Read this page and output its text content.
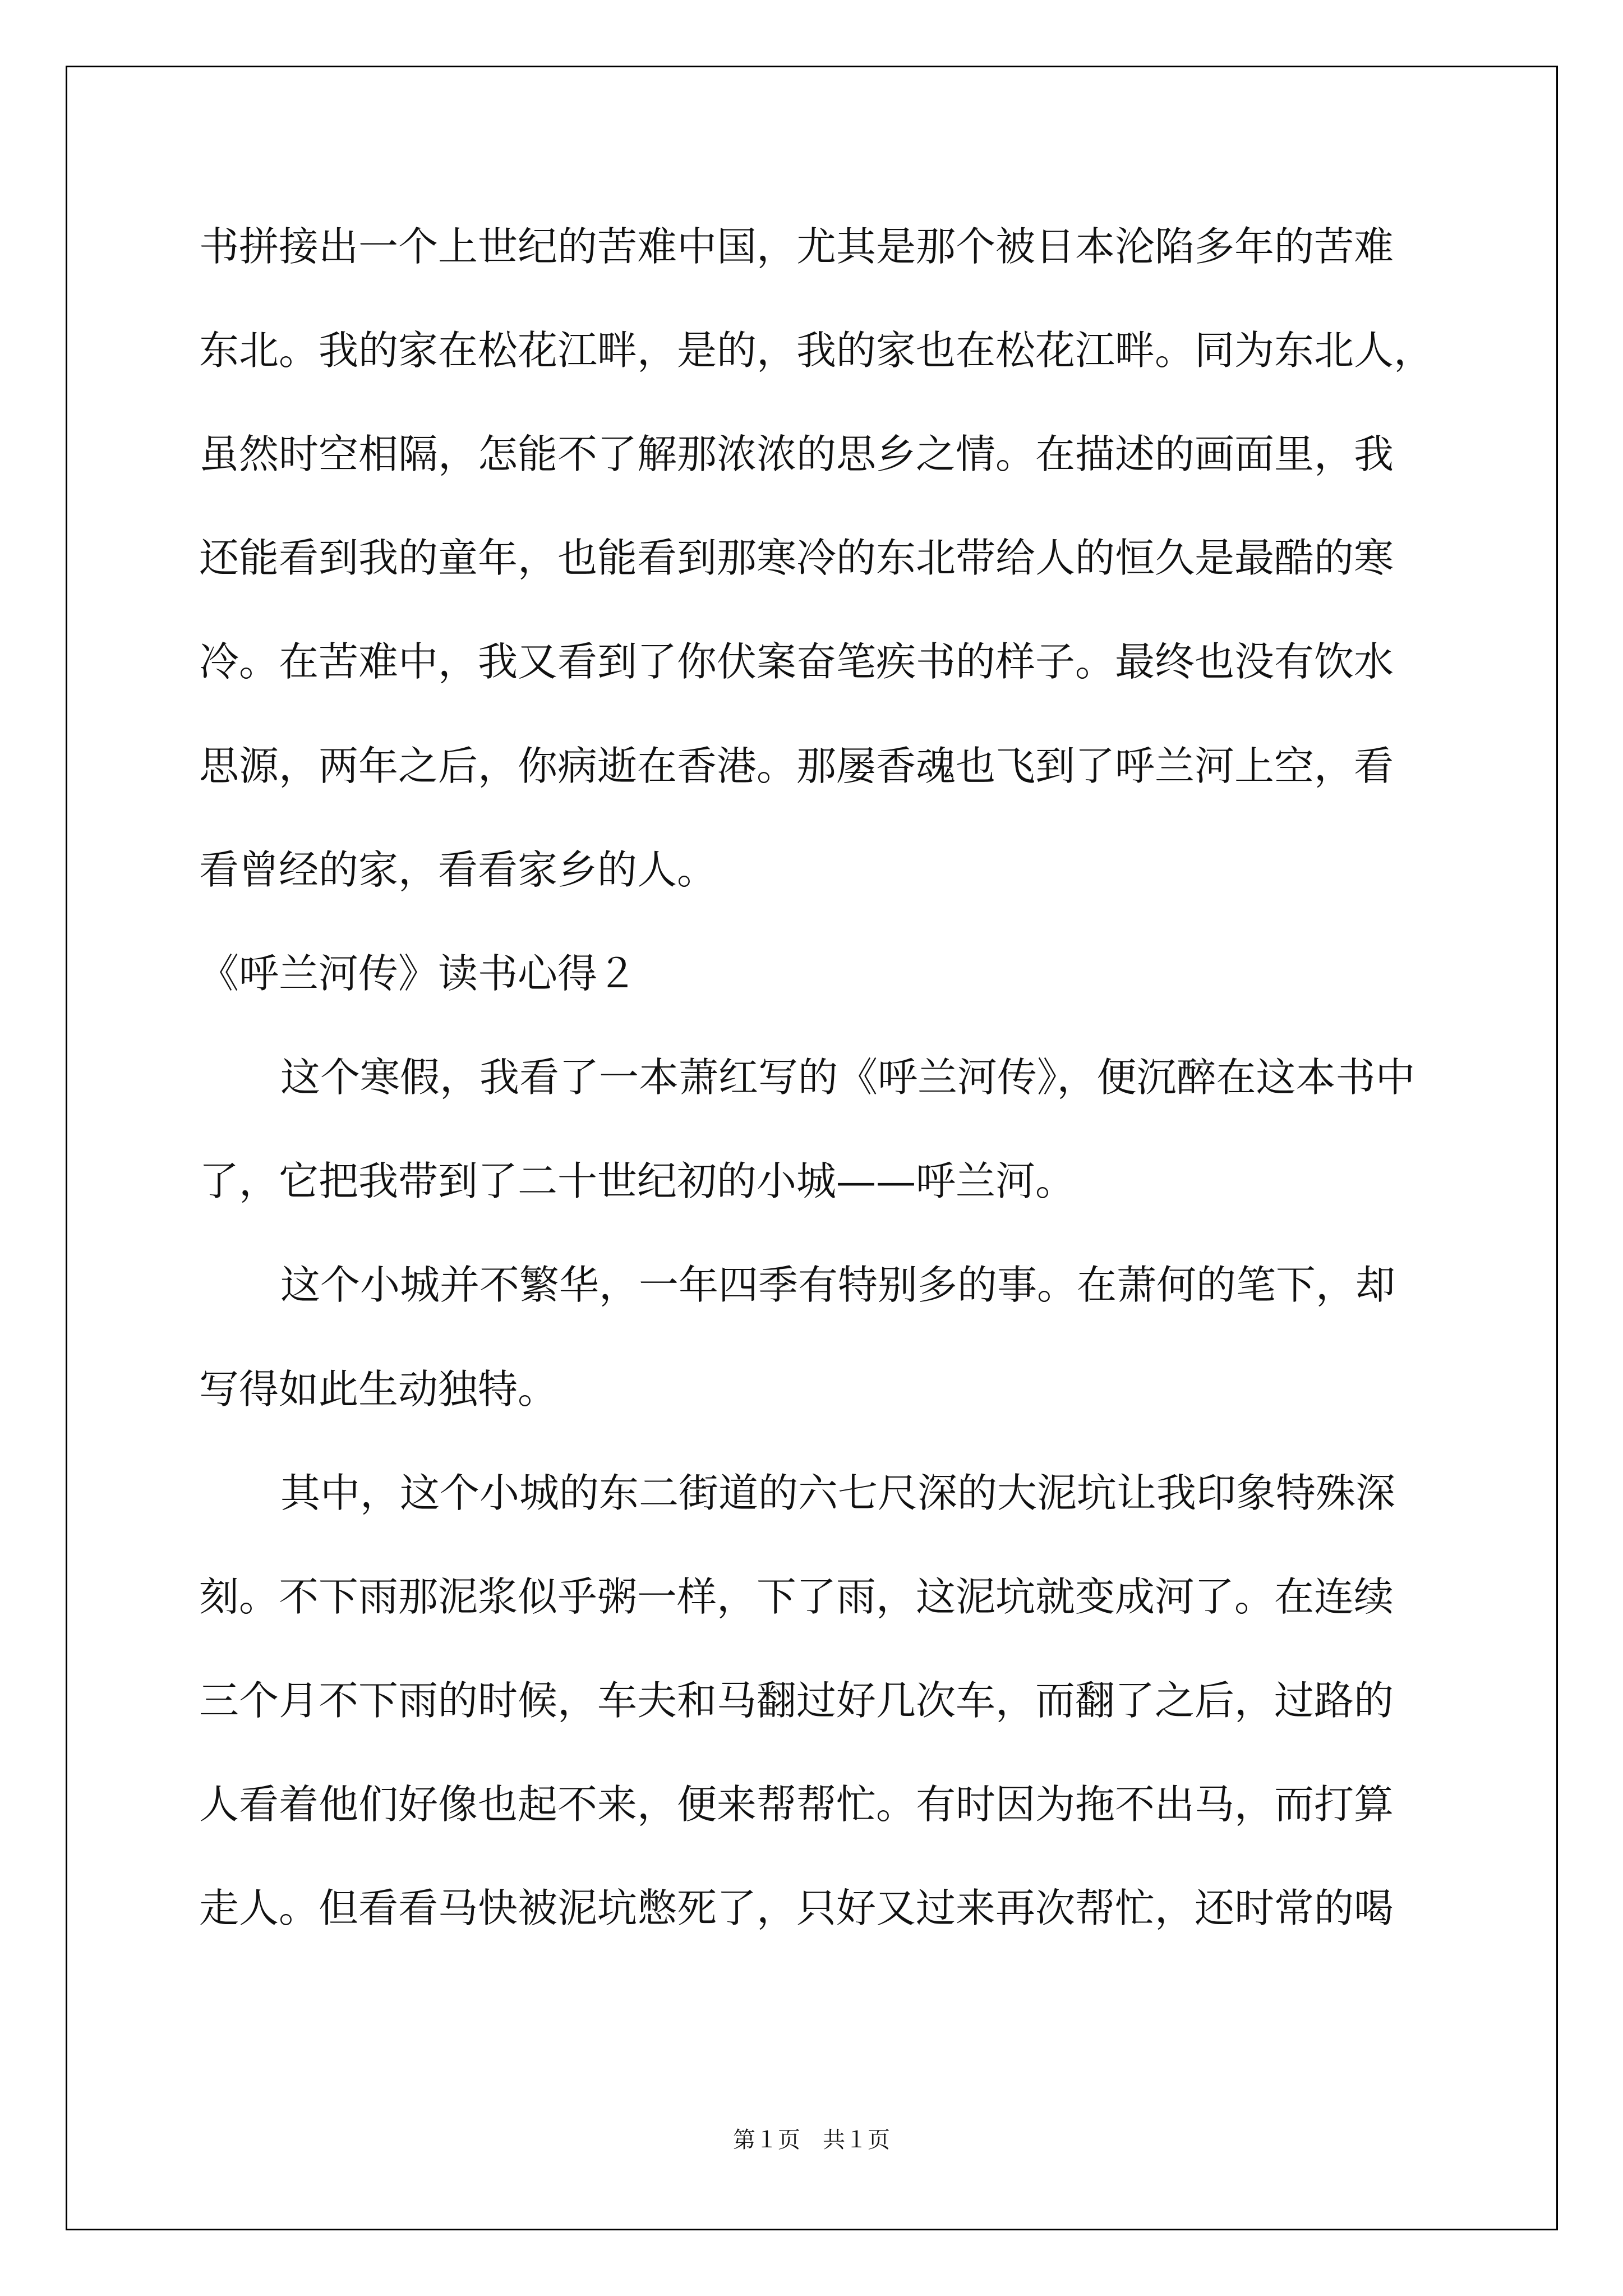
书拼接出一个上世纪的苦难中国，尤其是那个被日本沦陷多年的苦难

东北。我的家在松花江畔，是的，我的家也在松花江畔。同为东北人，

虽然时空相隔，怎能不了解那浓浓的思乡之情。在描述的画面里，我

还能看到我的童年，也能看到那寒冷的东北带给人的恒久是最酷的寒

冷。在苦难中，我又看到了你伏案奋笔疾书的样子。最终也没有饮水

思源，两年之后，你病逝在香港。那屡香魂也飞到了呼兰河上空，看

看曾经的家，看看家乡的人。

《呼兰河传》读书心得２

这个寒假，我看了一本萧红写的《呼兰河传》，便沉醉在这本书中

了，它把我带到了二十世纪初的小城——呼兰河。

这个小城并不繁华，一年四季有特别多的事。在萧何的笔下，却

写得如此生动独特。

其中，这个小城的东二街道的六七尺深的大泥坑让我印象特殊深

刻。不下雨那泥浆似乎粥一样，下了雨，这泥坑就变成河了。在连续

三个月不下雨的时候，车夫和马翻过好几次车，而翻了之后，过路的

人看着他们好像也起不来，便来帮帮忙。有时因为拖不出马，而打算

走人。但看看马快被泥坑憋死了，只好又过来再次帮忙，还时常的喝

第１页　共１页
